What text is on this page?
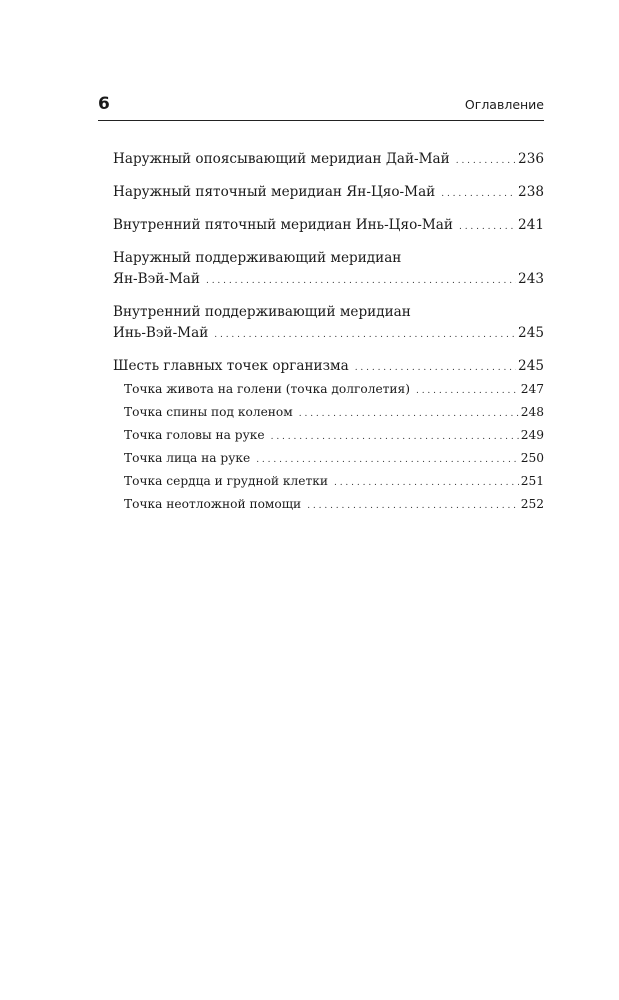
6	Оглавление
Наружный опоясывающий меридиан Дай-Май . . .	236
Наружный пяточный меридиан Ян-Цяо-Май . . .	238
Внутренний пяточный меридиан Инь-Цяо-Май . . .	241
Наружный поддерживающий меридиан
Ян-Вэй-Май . . .	243
Внутренний поддерживающий меридиан
Инь-Вэй-Май . . .	245
Шесть главных точек организма . . .	245
Точка живота на голени (точка долголетия) . . .	247
Точка спины под коленом . . .	248
Точка головы на руке . . .	249
Точка лица на руке . . .	250
Точка сердца и грудной клетки . . .	251
Точка неотложной помощи . . .	252
